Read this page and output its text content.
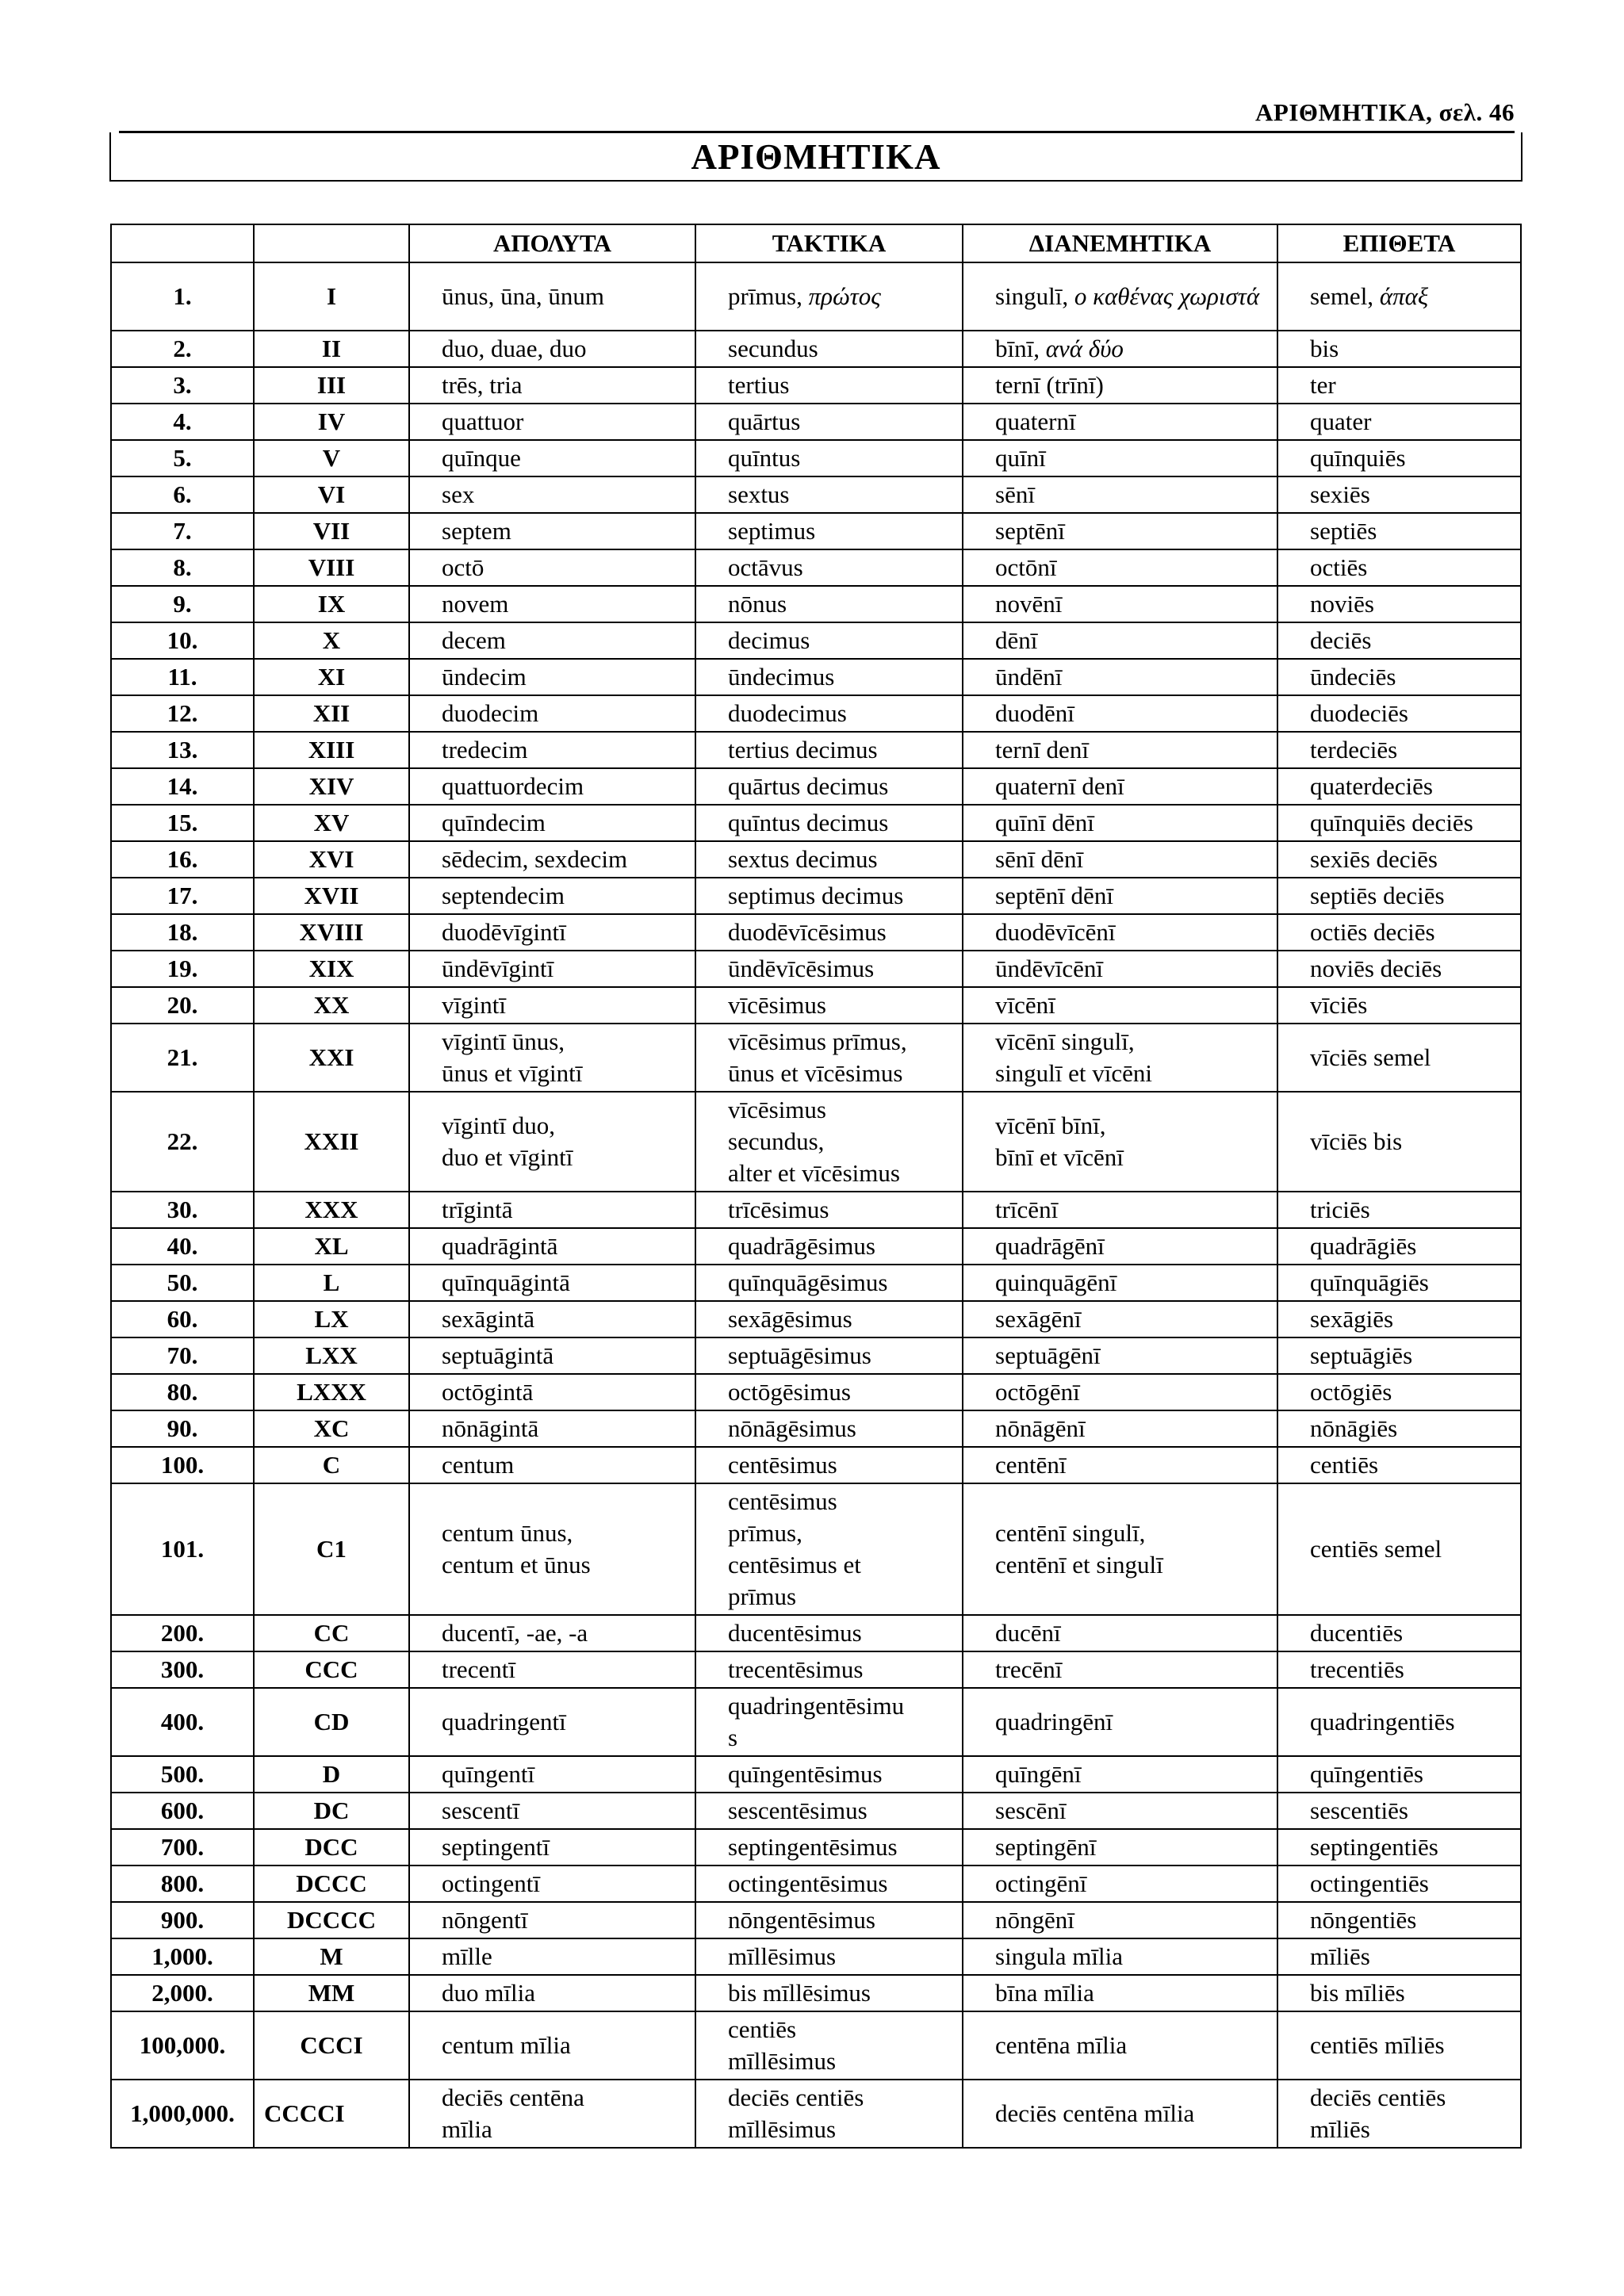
ΑΡΙΘΜΗΤΙΚΑ, σελ. 46
ΑΡΙΘΜΗΤΙΚΑ
		ΑΠΟΛΥΤΑ	ΤΑΚΤΙΚΑ	ΔΙΑΝΕΜΗΤΙΚΑ	ΕΠΙΘΕΤΑ
1.	I	ūnus, ūna, ūnum	prīmus, πρώτος	singulī, ο καθένας χωριστά	semel, άπαξ
2.	II	duo, duae, duo	secundus	bīnī, ανά δύο	bis
3.	III	trēs, tria	tertius	ternī (trīnī)	ter
4.	IV	quattuor	quārtus	quaternī	quater
5.	V	quīnque	quīntus	quīnī	quīnquiēs
6.	VI	sex	sextus	sēnī	sexiēs
7.	VII	septem	septimus	septēnī	septiēs
8.	VIII	octō	octāvus	octōnī	octiēs
9.	IX	novem	nōnus	novēnī	noviēs
10.	X	decem	decimus	dēnī	deciēs
11.	XI	ūndecim	ūndecimus	ūndēnī	ūndeciēs
12.	XII	duodecim	duodecimus	duodēnī	duodeciēs
13.	XIII	tredecim	tertius decimus	ternī denī	terdeciēs
14.	XIV	quattuordecim	quārtus decimus	quaternī denī	quaterdeciēs
15.	XV	quīndecim	quīntus decimus	quīnī dēnī	quīnquiēs deciēs
16.	XVI	sēdecim, sexdecim	sextus decimus	sēnī dēnī	sexiēs deciēs
17.	XVII	septendecim	septimus decimus	septēnī dēnī	septiēs deciēs
18.	XVIII	duodēvīgintī	duodēvīcēsimus	duodēvīcēnī	octiēs deciēs
19.	XIX	ūndēvīgintī	ūndēvīcēsimus	ūndēvīcēnī	noviēs deciēs
20.	XX	vīgintī	vīcēsimus	vīcēnī	vīciēs
21.	XXI	vīgintī ūnus,
ūnus et vīgintī	vīcēsimus prīmus,
ūnus et vīcēsimus	vīcēnī singulī,
singulī et vīcēni	vīciēs semel
22.	XXII	vīgintī duo,
duo et vīgintī	vīcēsimus
secundus,
alter et vīcēsimus	vīcēnī bīnī,
bīnī et vīcēnī	vīciēs bis
30.	XXX	trīgintā	trīcēsimus	trīcēnī	triciēs
40.	XL	quadrāgintā	quadrāgēsimus	quadrāgēnī	quadrāgiēs
50.	L	quīnquāgintā	quīnquāgēsimus	quinquāgēnī	quīnquāgiēs
60.	LX	sexāgintā	sexāgēsimus	sexāgēnī	sexāgiēs
70.	LXX	septuāgintā	septuāgēsimus	septuāgēnī	septuāgiēs
80.	LXXX	octōgintā	octōgēsimus	octōgēnī	octōgiēs
90.	XC	nōnāgintā	nōnāgēsimus	nōnāgēnī	nōnāgiēs
100.	C	centum	centēsimus	centēnī	centiēs
101.	C1	centum ūnus,
centum et ūnus	centēsimus
prīmus,
centēsimus et
prīmus	centēnī singulī,
centēnī et singulī	centiēs semel
200.	CC	ducentī, -ae, -a	ducentēsimus	ducēnī	ducentiēs
300.	CCC	trecentī	trecentēsimus	trecēnī	trecentiēs
400.	CD	quadringentī	quadringentēsimu
s	quadringēnī	quadringentiēs
500.	D	quīngentī	quīngentēsimus	quīngēnī	quīngentiēs
600.	DC	sescentī	sescentēsimus	sescēnī	sescentiēs
700.	DCC	septingentī	septingentēsimus	septingēnī	septingentiēs
800.	DCCC	octingentī	octingentēsimus	octingēnī	octingentiēs
900.	DCCCC	nōngentī	nōngentēsimus	nōngēnī	nōngentiēs
1,000.	M	mīlle	mīllēsimus	singula mīlia	mīliēs
2,000.	MM	duo mīlia	bis mīllēsimus	bīna mīlia	bis mīliēs
100,000.	CCCI	centum mīlia	centiēs
mīllēsimus	centēna mīlia	centiēs mīliēs
1,000,000.	CCCCI	deciēs centēna
mīlia	deciēs centiēs
mīllēsimus	deciēs centēna mīlia	deciēs centiēs
mīliēs
